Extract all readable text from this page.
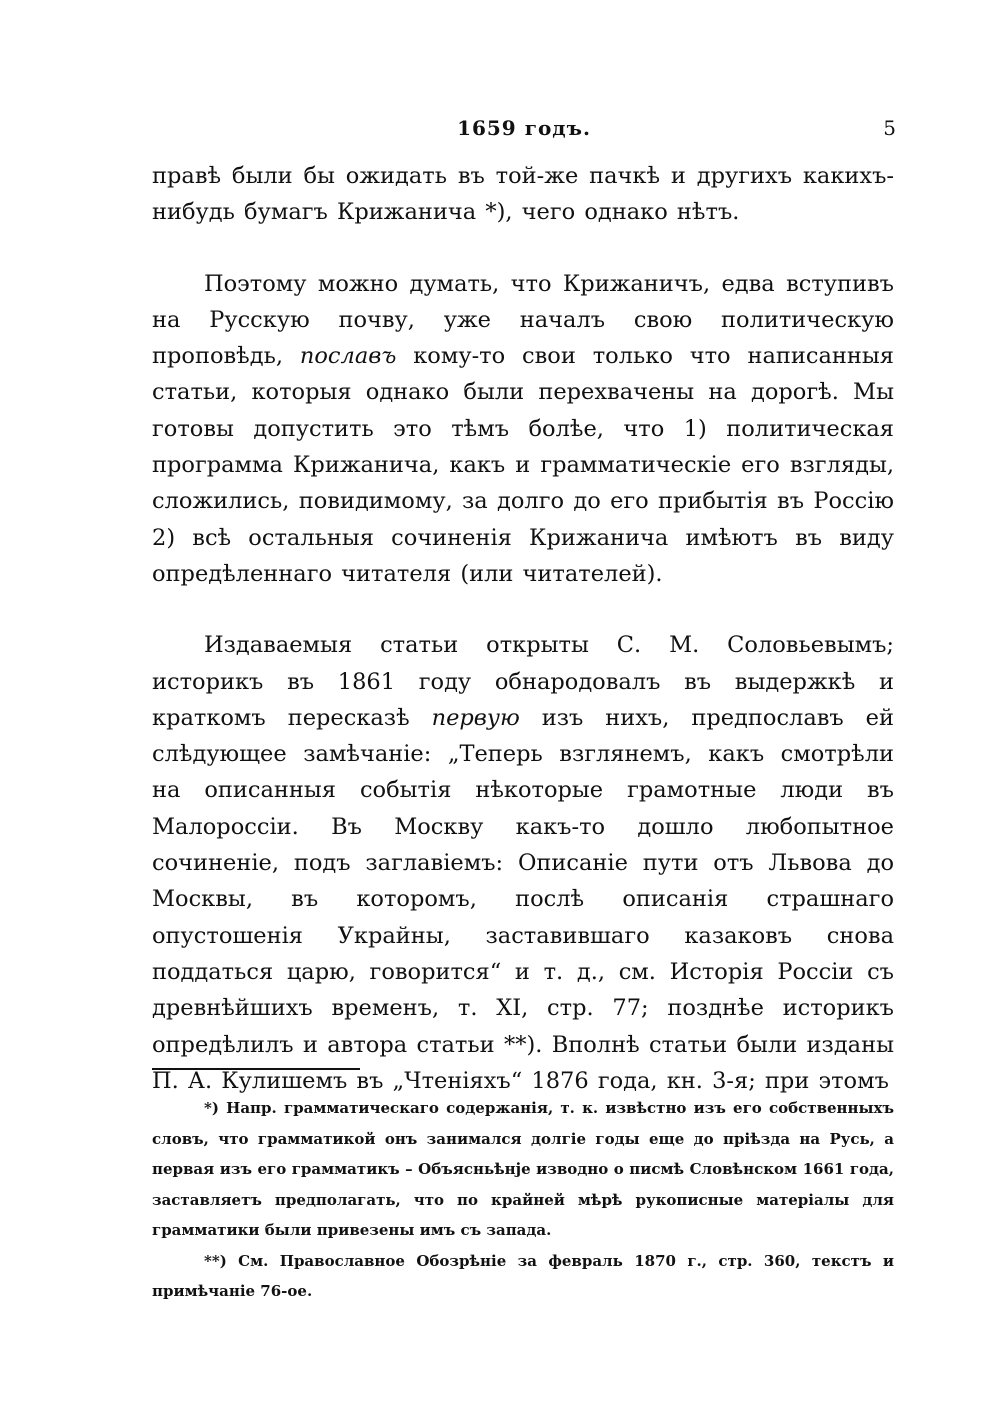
1659 годъ.	5

правѣ были бы ожидать въ той-же пачкѣ и другихъ какихъ-нибудь бумагъ Крижанича *), чего однако нѣтъ.

Поэтому можно думать, что Крижаничъ, едва вступивъ на Русскую почву, уже началъ свою политическую проповѣдь, пославъ кому-то свои только что написанныя статьи, которыя однако были перехвачены на дорогѣ. Мы готовы допустить это тѣмъ болѣе, что 1) политическая программа Крижанича, какъ и грамматическіе его взгляды, сложились, повидимому, за долго до его прибытія въ Россію 2) всѣ остальныя сочиненія Крижанича имѣютъ въ виду опредѣленнаго читателя (или читателей).

Издаваемыя статьи открыты С. М. Соловьевымъ; историкъ въ 1861 году обнародовалъ въ выдержкѣ и краткомъ пересказѣ первую изъ нихъ, предпославъ ей слѣдующее замѣчаніе: „Теперь взглянемъ, какъ смотрѣли на описанныя событія нѣкоторые грамотные люди въ Малороссіи. Въ Москву какъ-то дошло любопытное сочиненіе, подъ заглавіемъ: Описаніе пути отъ Львова до Москвы, въ которомъ, послѣ описанія страшнаго опустошенія Украйны, заставившаго казаковъ снова поддаться царю, говорится“ и т. д., см. Исторія Россіи съ древнѣйшихъ временъ, т. XI, стр. 77; позднѣе историкъ опредѣлилъ и автора статьи **). Вполнѣ статьи были изданы П. А. Кулишемъ въ „Чтеніяхъ“ 1876 года, кн. 3-я; при этомъ

*) Напр. грамматическаго содержанія, т. к. извѣстно изъ его собственныхъ словъ, что грамматикой онъ занимался долгіе годы еще до пріѣзда на Русь, а первая изъ его грамматикъ – Объясньѣнје изводно о писмѣ Словѣнском 1661 года, заставляетъ предполагать, что по крайней мѣрѣ рукописные матеріалы для грамматики были привезены имъ съ запада.

**) См. Православное Обозрѣніе за февраль 1870 г., стр. 360, текстъ и примѣчаніе 76-ое.
